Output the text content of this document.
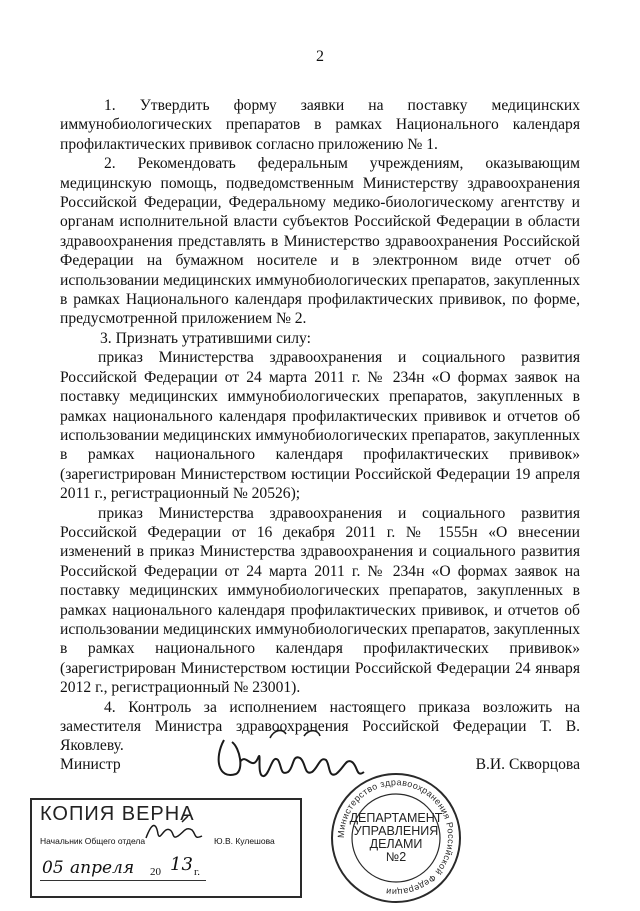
2

1. Утвердить форму заявки на поставку медицинских иммунобиологических препаратов в рамках Национального календаря профилактических прививок согласно приложению № 1.

2. Рекомендовать федеральным учреждениям, оказывающим медицинскую помощь, подведомственным Министерству здравоохранения Российской Федерации, Федеральному медико-биологическому агентству и органам исполнительной власти субъектов Российской Федерации в области здравоохранения представлять в Министерство здравоохранения Российской Федерации на бумажном носителе и в электронном виде отчет об использовании медицинских иммунобиологических препаратов, закупленных в рамках Национального календаря профилактических прививок, по форме, предусмотренной приложением № 2.

3. Признать утратившими силу:

приказ Министерства здравоохранения и социального развития Российской Федерации от 24 марта 2011 г. № 234н «О формах заявок на поставку медицинских иммунобиологических препаратов, закупленных в рамках национального календаря профилактических прививок и отчетов об использовании медицинских иммунобиологических препаратов, закупленных в рамках национального календаря профилактических прививок» (зарегистрирован Министерством юстиции Российской Федерации 19 апреля 2011 г., регистрационный № 20526);

приказ Министерства здравоохранения и социального развития Российской Федерации от 16 декабря 2011 г. № 1555н «О внесении изменений в приказ Министерства здравоохранения и социального развития Российской Федерации от 24 марта 2011 г. № 234н «О формах заявок на поставку медицинских иммунобиологических препаратов, закупленных в рамках национального календаря профилактических прививок, и отчетов об использовании медицинских иммунобиологических препаратов, закупленных в рамках национального календаря профилактических прививок» (зарегистрирован Министерством юстиции Российской Федерации 24 января 2012 г., регистрационный № 23001).

4. Контроль за исполнением настоящего приказа возложить на заместителя Министра здравоохранения Российской Федерации Т. В. Яковлеву.

Министр	В.И. Скворцова
КОПИЯ ВЕРНА
Начальник Общего отдела	Ю.В. Кулешова
05 апреля 20 13 г.
Министерство здравоохранения Российской Федерации
ДЕПАРТАМЕНТ
УПРАВЛЕНИЯ
ДЕЛАМИ
№2
